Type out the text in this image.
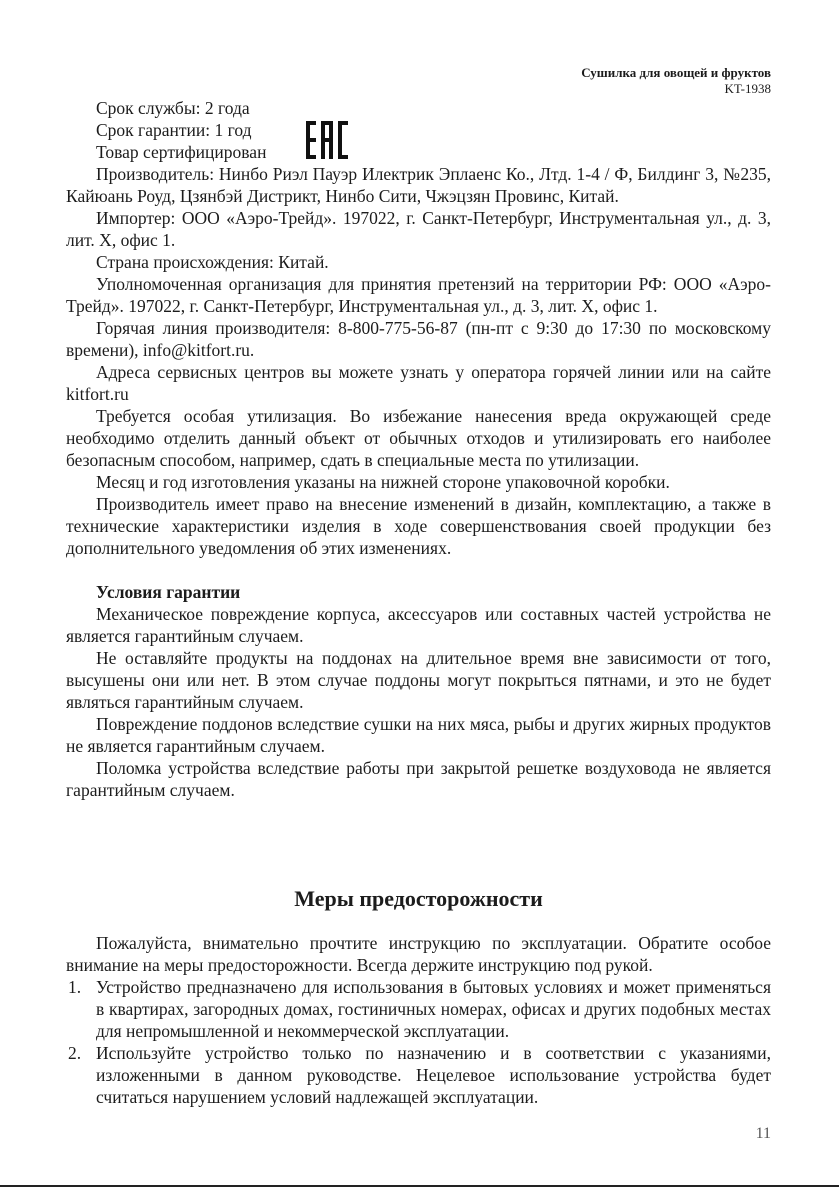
Сушилка для овощей и фруктов
KT-1938

Срок службы: 2 года

Срок гарантии: 1 год

Товар сертифицирован

Производитель: Нинбо Риэл Пауэр Илектрик Эплаенс Ко., Лтд. 1-4 / Ф, Билдинг 3, №235, Кайюань Роуд, Цзянбэй Дистрикт, Нинбо Сити, Чжэцзян Провинс, Китай.

Импортер: ООО «Аэро-Трейд». 197022, г. Санкт-Петербург, Инструментальная ул., д. 3, лит. Х, офис 1.

Страна происхождения: Китай.

Уполномоченная организация для принятия претензий на территории РФ: ООО «Аэро-Трейд». 197022, г. Санкт-Петербург, Инструментальная ул., д. 3, лит. Х, офис 1.

Горячая линия производителя: 8-800-775-56-87 (пн-пт с 9:30 до 17:30 по московскому времени), info@kitfort.ru.

Адреса сервисных центров вы можете узнать у оператора горячей линии или на сайте kitfort.ru

Требуется особая утилизация. Во избежание нанесения вреда окружающей среде необходимо отделить данный объект от обычных отходов и утилизировать его наиболее безопасным способом, например, сдать в специальные места по утилизации.

Месяц и год изготовления указаны на нижней стороне упаковочной коробки.

Производитель имеет право на внесение изменений в дизайн, комплектацию, а также в технические характеристики изделия в ходе совершенствования своей продукции без дополнительного уведомления об этих изменениях.

Условия гарантии

Механическое повреждение корпуса, аксессуаров или составных частей устройства не является гарантийным случаем.

Не оставляйте продукты на поддонах на длительное время вне зависимости от того, высушены они или нет. В этом случае поддоны могут покрыться пятнами, и это не будет являться гарантийным случаем.

Повреждение поддонов вследствие сушки на них мяса, рыбы и других жирных продуктов не является гарантийным случаем.

Поломка устройства вследствие работы при закрытой решетке воздуховода не является гарантийным случаем.

Меры предосторожности

Пожалуйста, внимательно прочтите инструкцию по эксплуатации. Обратите особое внимание на меры предосторожности. Всегда держите инструкцию под рукой.

1. Устройство предназначено для использования в бытовых условиях и может применяться в квартирах, загородных домах, гостиничных номерах, офисах и других подобных местах для непромышленной и некоммерческой эксплуатации.
2. Используйте устройство только по назначению и в соответствии с указаниями, изложенными в данном руководстве. Нецелевое использование устройства будет считаться нарушением условий надлежащей эксплуатации.
11
